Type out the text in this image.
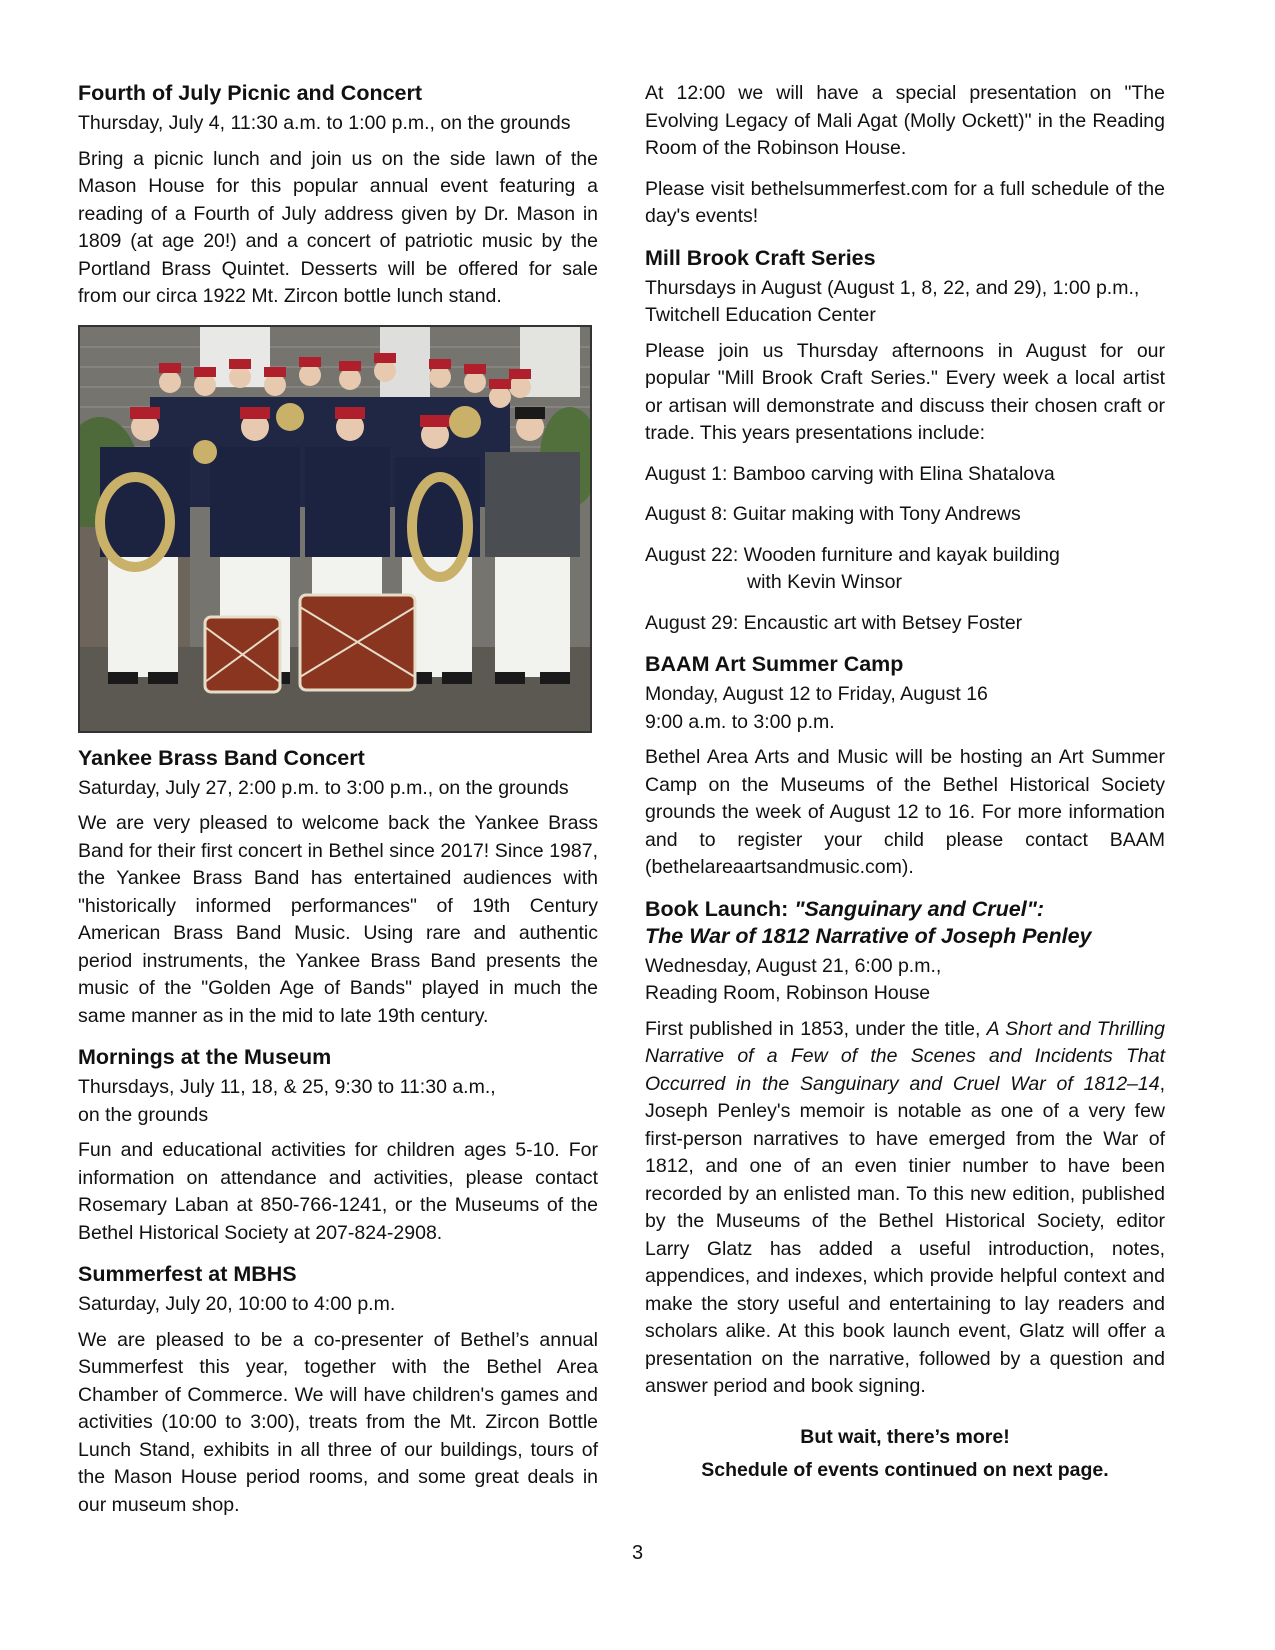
Fourth of July Picnic and Concert
Thursday, July 4, 11:30 a.m. to 1:00 p.m., on the grounds

Bring a picnic lunch and join us on the side lawn of the Mason House for this popular annual event featuring a reading of a Fourth of July address given by Dr. Mason in 1809 (at age 20!) and a concert of patriotic music by the Portland Brass Quintet. Desserts will be offered for sale from our circa 1922 Mt. Zircon bottle lunch stand.

Yankee Brass Band Concert
Saturday, July 27, 2:00 p.m. to 3:00 p.m., on the grounds

We are very pleased to welcome back the Yankee Brass Band for their first concert in Bethel since 2017! Since 1987, the Yankee Brass Band has entertained audiences with "historically informed performances" of 19th Century American Brass Band Music. Using rare and authentic period instruments, the Yankee Brass Band presents the music of the "Golden Age of Bands" played in much the same manner as in the mid to late 19th century.

Mornings at the Museum
Thursdays, July 11, 18, & 25, 9:30 to 11:30 a.m.,
on the grounds

Fun and educational activities for children ages 5-10. For information on attendance and activities, please contact Rosemary Laban at 850-766-1241, or the Museums of the Bethel Historical Society at 207-824-2908.

Summerfest at MBHS
Saturday, July 20, 10:00 to 4:00 p.m.

We are pleased to be a co-presenter of Bethel’s annual Summerfest this year, together with the Bethel Area Chamber of Commerce. We will have children's games and activities (10:00 to 3:00), treats from the Mt. Zircon Bottle Lunch Stand, exhibits in all three of our buildings, tours of the Mason House period rooms, and some great deals in our museum shop.

At 12:00 we will have a special presentation on "The Evolving Legacy of Mali Agat (Molly Ockett)" in the Reading Room of the Robinson House.

Please visit bethelsummerfest.com for a full schedule of the day's events!

Mill Brook Craft Series
Thursdays in August (August 1, 8, 22, and 29), 1:00 p.m.,
Twitchell Education Center

Please join us Thursday afternoons in August for our popular "Mill Brook Craft Series." Every week a local artist or artisan will demonstrate and discuss their chosen craft or trade. This years presentations include:

August 1: Bamboo carving with Elina Shatalova
August 8: Guitar making with Tony Andrews
August 22: Wooden furniture and kayak building
with Kevin Winsor
August 29: Encaustic art with Betsey Foster
BAAM Art Summer Camp
Monday, August 12 to Friday, August 16
9:00 a.m. to 3:00 p.m.

Bethel Area Arts and Music will be hosting an Art Summer Camp on the Museums of the Bethel Historical Society grounds the week of August 12 to 16. For more information and to register your child please contact BAAM (bethelareaartsandmusic.com).

Book Launch: "Sanguinary and Cruel":
The War of 1812 Narrative of Joseph Penley
Wednesday, August 21, 6:00 p.m.,
Reading Room, Robinson House

First published in 1853, under the title, A Short and Thrilling Narrative of a Few of the Scenes and Incidents That Occurred in the Sanguinary and Cruel War of 1812–14, Joseph Penley's memoir is notable as one of a very few first-person narratives to have emerged from the War of 1812, and one of an even tinier number to have been recorded by an enlisted man. To this new edition, published by the Museums of the Bethel Historical Society, editor Larry Glatz has added a useful introduction, notes, appendices, and indexes, which provide helpful context and make the story useful and entertaining to lay readers and scholars alike. At this book launch event, Glatz will offer a presentation on the narrative, followed by a question and answer period and book signing.

But wait, there’s more!
Schedule of events continued on next page.
3
